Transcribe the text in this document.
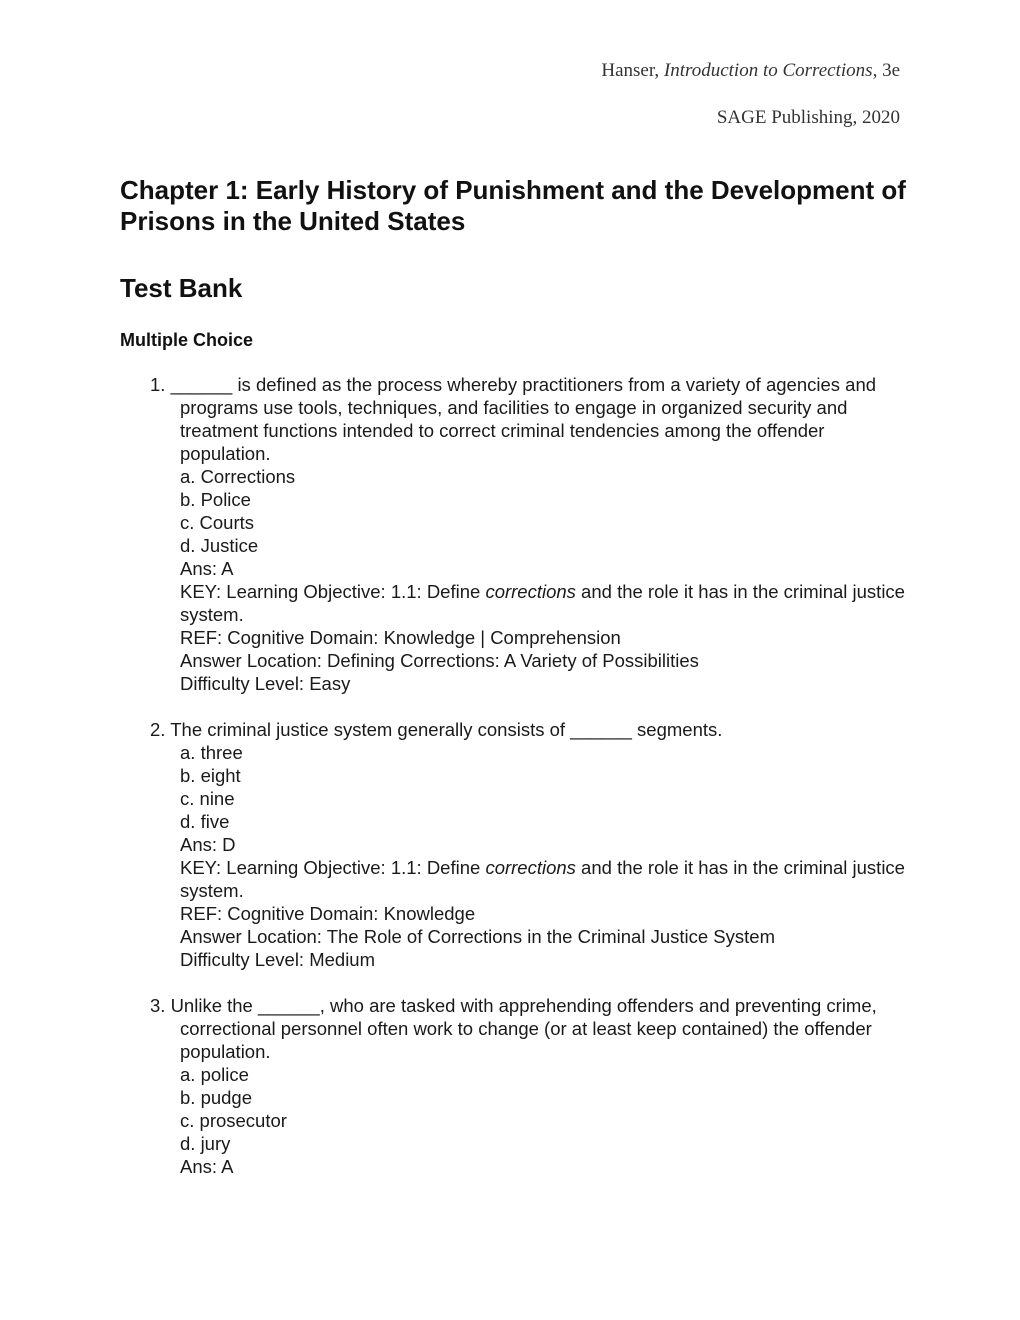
Hanser, Introduction to Corrections, 3e

SAGE Publishing, 2020

Chapter 1: Early History of Punishment and the Development of Prisons in the United States
Test Bank
Multiple Choice

1. ______ is defined as the process whereby practitioners from a variety of agencies and programs use tools, techniques, and facilities to engage in organized security and treatment functions intended to correct criminal tendencies among the offender population.

a. Corrections

b. Police

c. Courts

d. Justice

Ans: A

KEY: Learning Objective: 1.1: Define corrections and the role it has in the criminal justice system.

REF: Cognitive Domain: Knowledge | Comprehension

Answer Location: Defining Corrections: A Variety of Possibilities

Difficulty Level: Easy

2. The criminal justice system generally consists of ______ segments.

a. three

b. eight

c. nine

d. five

Ans: D

KEY: Learning Objective: 1.1: Define corrections and the role it has in the criminal justice system.

REF: Cognitive Domain: Knowledge

Answer Location: The Role of Corrections in the Criminal Justice System

Difficulty Level: Medium

3. Unlike the ______, who are tasked with apprehending offenders and preventing crime, correctional personnel often work to change (or at least keep contained) the offender population.

a. police

b. pudge

c. prosecutor

d. jury

Ans: A
